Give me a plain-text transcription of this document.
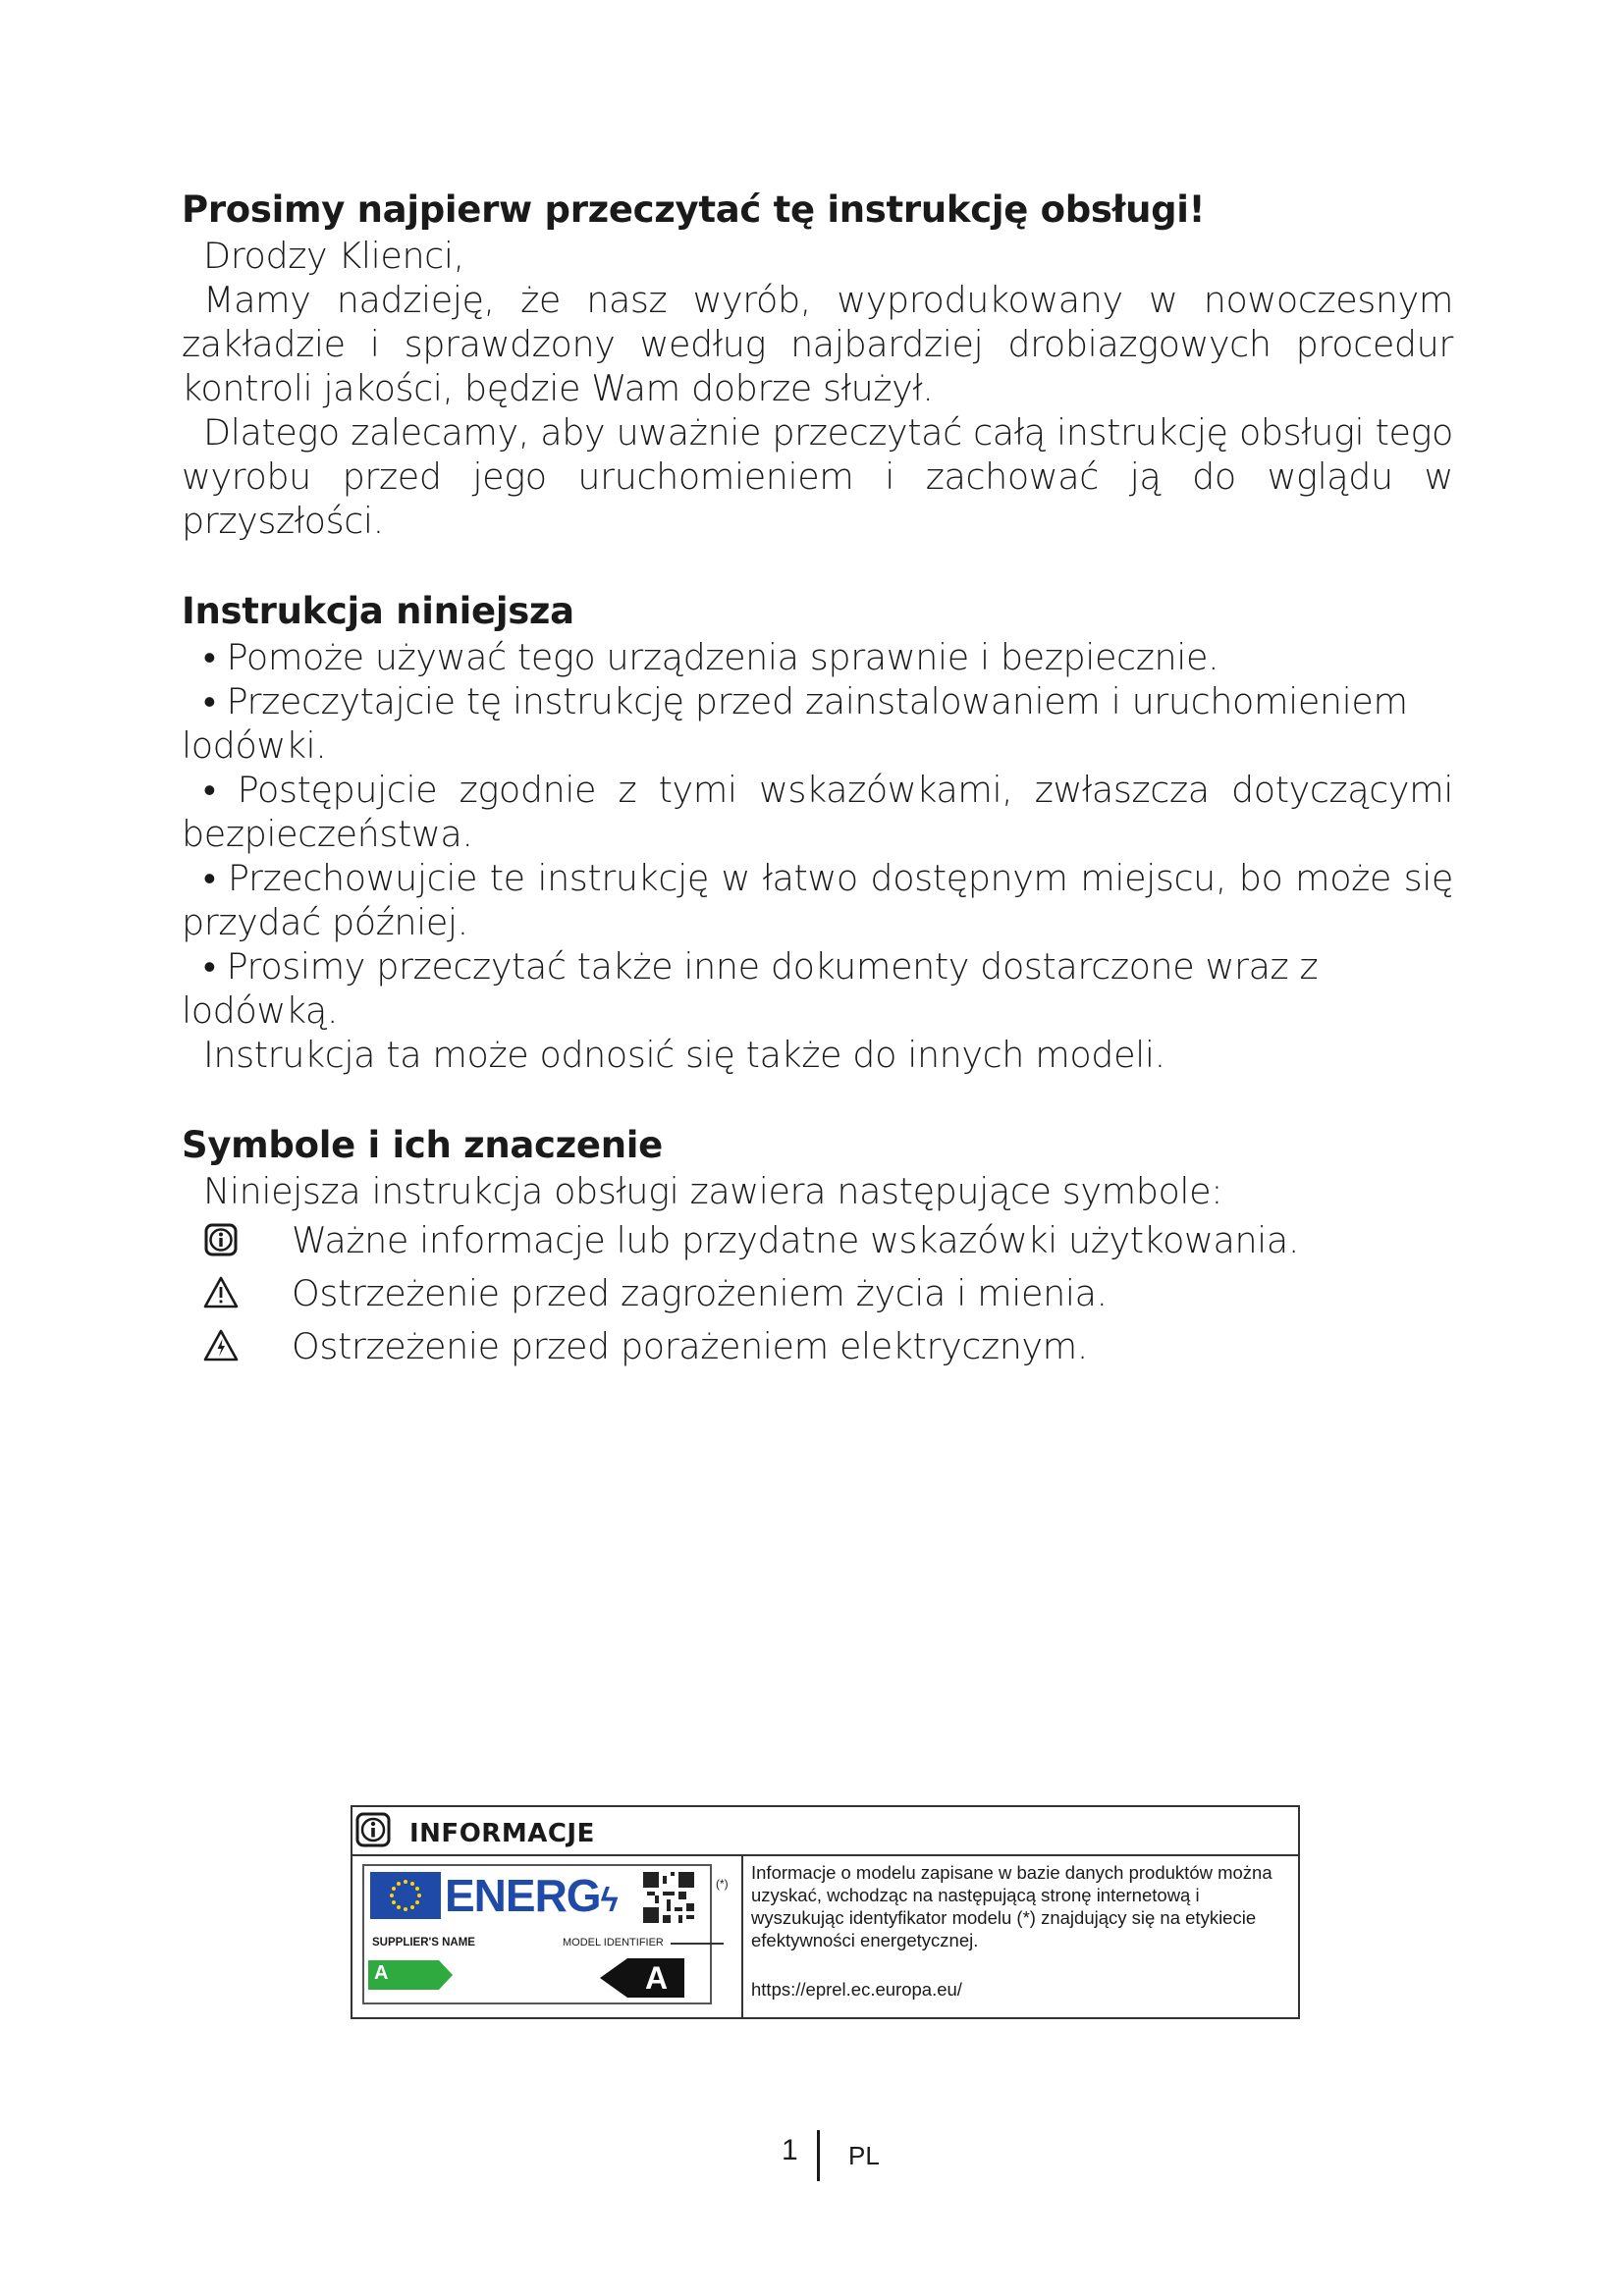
Prosimy najpierw przeczytać tę instrukcję obsługi!

Drodzy Klienci,

Mamy nadzieję, że nasz wyrób, wyprodukowany w nowoczesnym zakładzie i sprawdzony według najbardziej drobiazgowych procedur kontroli jakości, będzie Wam dobrze służył.

Dlatego zalecamy, aby uważnie przeczytać całą instrukcję obsługi tego wyrobu przed jego uruchomieniem i zachować ją do wglądu w przyszłości.

Instrukcja niniejsza

• Pomoże używać tego urządzenia sprawnie i bezpiecznie.

• Przeczytajcie tę instrukcję przed zainstalowaniem i uruchomieniem lodówki.

• Postępujcie zgodnie z tymi wskazówkami, zwłaszcza dotyczącymi bezpieczeństwa.

• Przechowujcie te instrukcję w łatwo dostępnym miejscu, bo może się przydać później.

• Prosimy przeczytać także inne dokumenty dostarczone wraz z lodówką.

Instrukcja ta może odnosić się także do innych modeli.

Symbole i ich znaczenie

Niniejsza instrukcja obsługi zawiera następujące symbole:

Ważne informacje lub przydatne wskazówki użytkowania.
Ostrzeżenie przed zagrożeniem życia i mienia.
Ostrzeżenie przed porażeniem elektrycznym.
INFORMACJE
ENERGϟ
SUPPLIER'S NAME	MODEL IDENTIFIER
A	A
(*)
Informacje o modelu zapisane w bazie danych produktów można uzyskać, wchodząc na następującą stronę internetową i wyszukując identyfikator modelu (*) znajdujący się na etykiecie efektywności energetycznej.
https://eprel.ec.europa.eu/
1 PL
